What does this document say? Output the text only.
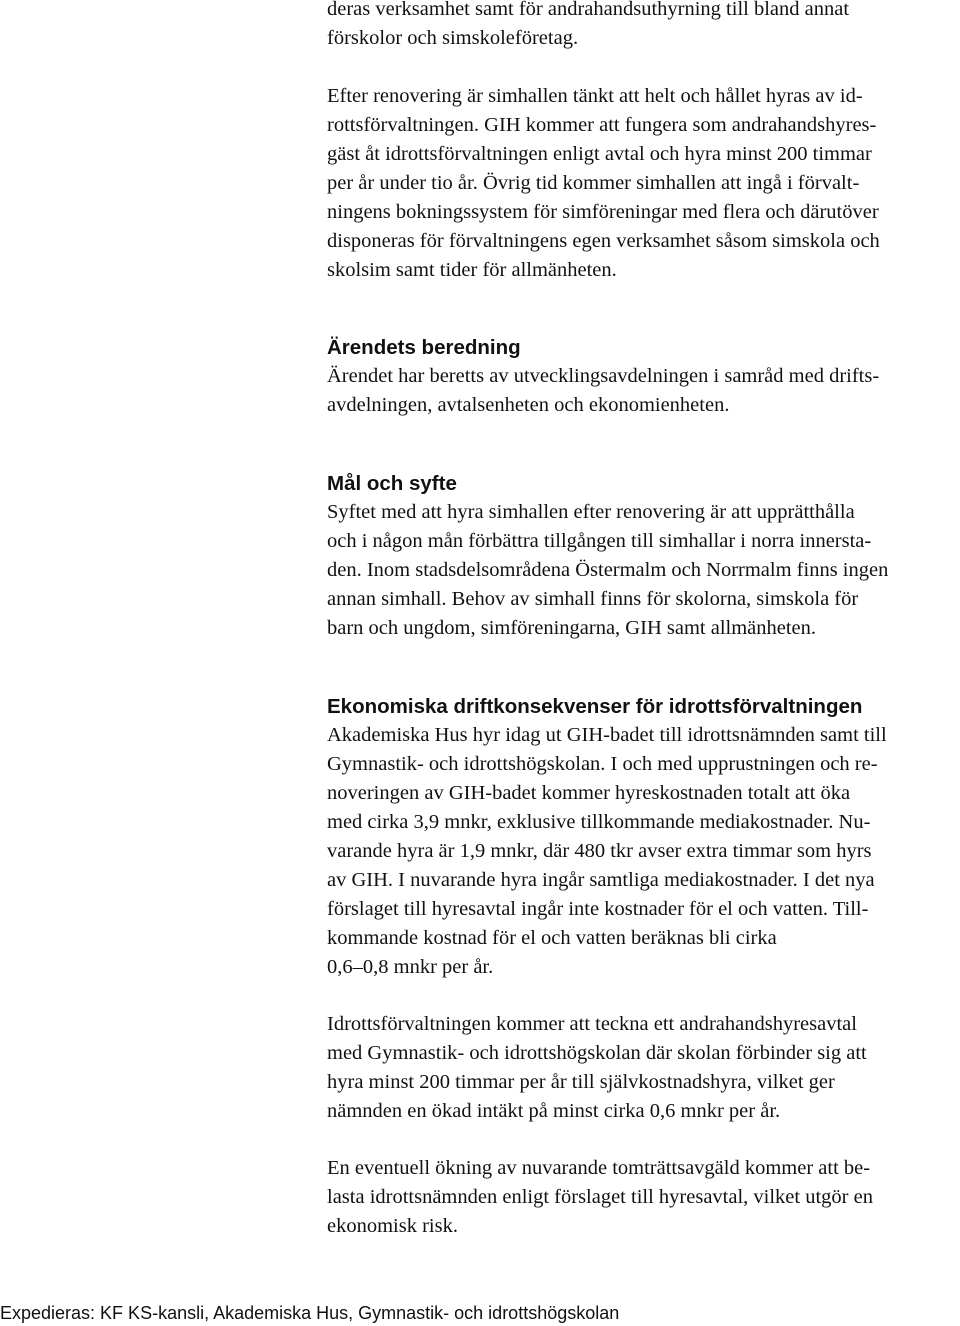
deras verksamhet samt för andrahandsuthyrning till bland annat
förskolor och simskoleföretag.

Efter renovering är simhallen tänkt att helt och hållet hyras av id-
rottsförvaltningen. GIH kommer att fungera som andrahandshyres-
gäst åt idrottsförvaltningen enligt avtal och hyra minst 200 timmar
per år under tio år. Övrig tid kommer simhallen att ingå i förvalt-
ningens bokningssystem för simföreningar med flera och därutöver
disponeras för förvaltningens egen verksamhet såsom simskola och
skolsim samt tider för allmänheten.

Ärendets beredning

Ärendet har beretts av utvecklingsavdelningen i samråd med drifts-
avdelningen, avtalsenheten och ekonomienheten.

Mål och syfte

Syftet med att hyra simhallen efter renovering är att upprätthålla
och i någon mån förbättra tillgången till simhallar i norra innersta-
den. Inom stadsdelsområdena Östermalm och Norrmalm finns ingen
annan simhall. Behov av simhall finns för skolorna, simskola för
barn och ungdom, simföreningarna, GIH samt allmänheten.

Ekonomiska driftkonsekvenser för idrottsförvaltningen

Akademiska Hus hyr idag ut GIH-badet till idrottsnämnden samt till
Gymnastik- och idrottshögskolan. I och med upprustningen och re-
noveringen av GIH-badet kommer hyreskostnaden totalt att öka
med cirka 3,9 mnkr, exklusive tillkommande mediakostnader. Nu-
varande hyra är 1,9 mnkr, där 480 tkr avser extra timmar som hyrs
av GIH. I nuvarande hyra ingår samtliga mediakostnader. I det nya
förslaget till hyresavtal ingår inte kostnader för el och vatten. Till-
kommande kostnad för el och vatten beräknas bli cirka
0,6–0,8 mnkr per år.

Idrottsförvaltningen kommer att teckna ett andrahandshyresavtal
med Gymnastik- och idrottshögskolan där skolan förbinder sig att
hyra minst 200 timmar per år till självkostnadshyra, vilket ger
nämnden en ökad intäkt på minst cirka 0,6 mnkr per år.

En eventuell ökning av nuvarande tomträttsavgäld kommer att be-
lasta idrottsnämnden enligt förslaget till hyresavtal, vilket utgör en
ekonomisk risk.

Expedieras: KF KS-kansli, Akademiska Hus, Gymnastik- och idrottshögskolan
